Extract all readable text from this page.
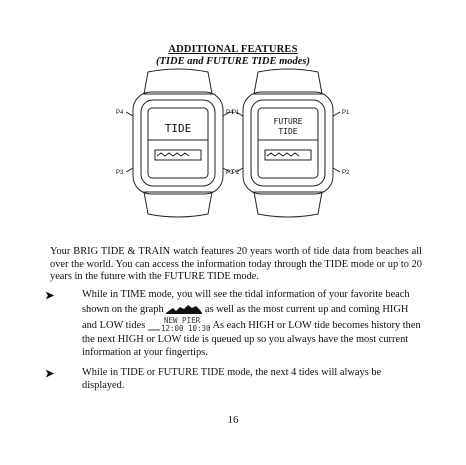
ADDITIONAL FEATURES
(TIDE and FUTURE TIDE modes)
TIDE
P4	P1
P3	P2
FUTURE
TIDE
P4	P1
P3	P2
Your BRIG TIDE & TRAIN watch features 20 years worth of tide data from beaches all over the world. You can access the information today through the TIDE mode or up to 20 years in the future with the FUTURE TIDE mode.
➤	While in TIME mode, you will see the tidal information of your favorite beach shown on the graph	as well as the most current up and coming HIGH and LOW tides NEW PIER
12:00 10:30
. As each HIGH or LOW tide becomes history then the next HIGH or LOW tide is queued up so you always have the most current information at your fingertips.
➤	While in TIDE or FUTURE TIDE mode, the next 4 tides will always be displayed.
16
